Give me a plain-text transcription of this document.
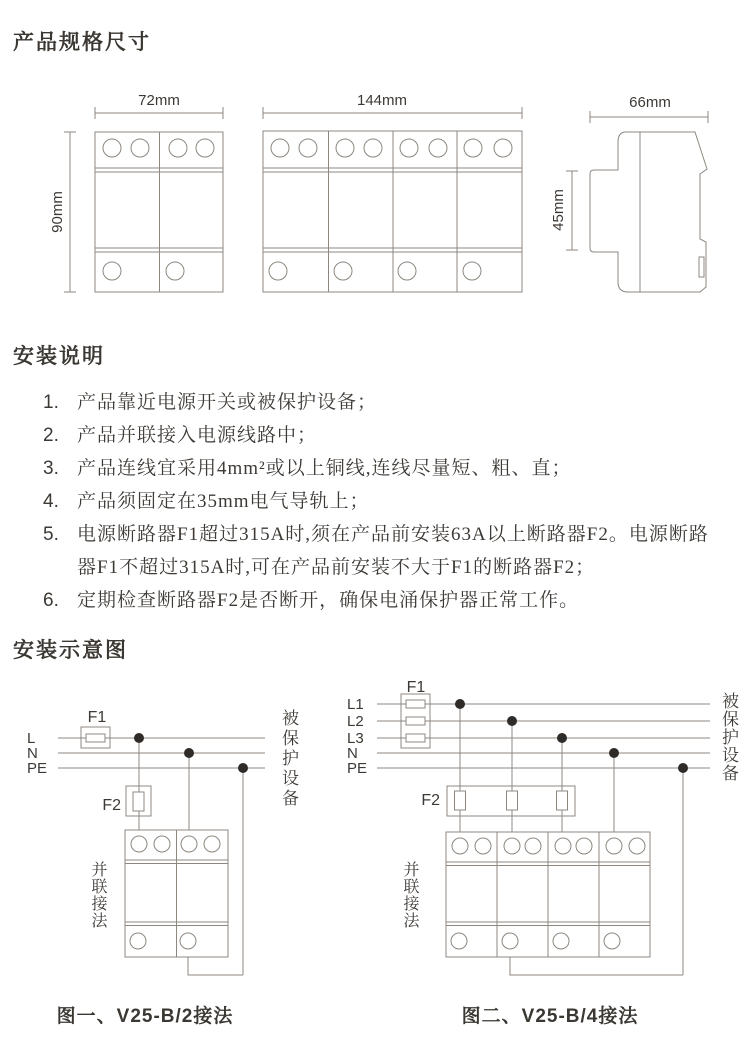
产品规格尺寸
72mm
90mm
144mm	66mm
45mm
安装说明
1. 产品靠近电源开关或被保护设备；
2. 产品并联接入电源线路中；
3. 产品连线宜采用4mm²或以上铜线,连线尽量短、粗、直；
4. 产品须固定在35mm电气导轨上；
5. 电源断路器F1超过315A时,须在产品前安装63A以上断路器F2。电源断路器F1不超过315A时,可在产品前安装不大于F1的断路器F2；
6. 定期检查断路器F2是否断开，确保电涌保护器正常工作。
安装示意图
F1
L
N
PE
F2
F1
L1
L2
L3
N
PE
F2
被保护设备
并联接法
被保护设备
并联接法
图一、V25-B/2接法	图二、V25-B/4接法
